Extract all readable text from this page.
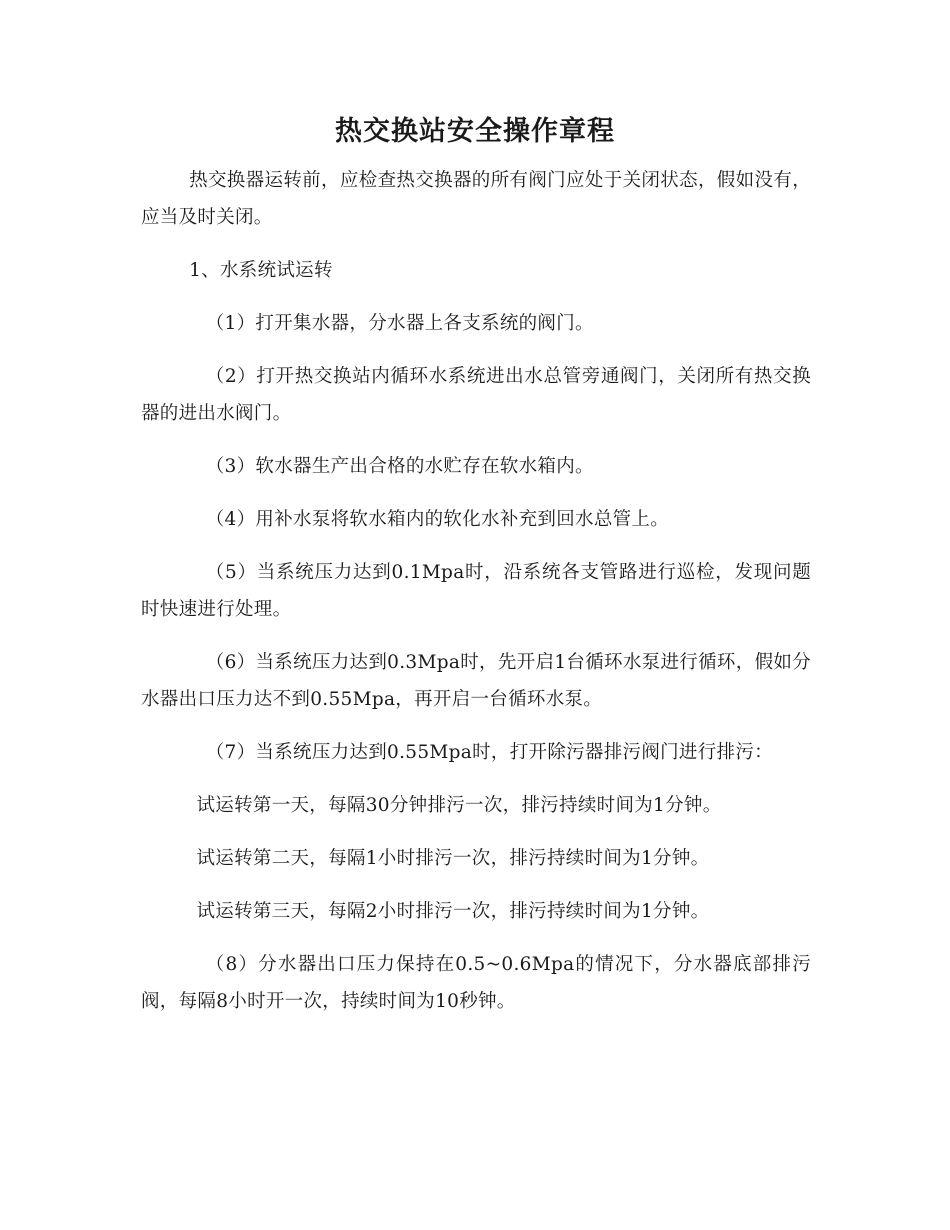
热交换站安全操作章程

热交换器运转前，应检查热交换器的所有阀门应处于关闭状态，假如没有，应当及时关闭。

1、水系统试运转

（1）打开集水器，分水器上各支系统的阀门。

（2）打开热交换站内循环水系统进出水总管旁通阀门，关闭所有热交换器的进出水阀门。

（3）软水器生产出合格的水贮存在软水箱内。

（4）用补水泵将软水箱内的软化水补充到回水总管上。

（5）当系统压力达到0.1Mpa时，沿系统各支管路进行巡检，发现问题时快速进行处理。

（6）当系统压力达到0.3Mpa时，先开启1台循环水泵进行循环，假如分水器出口压力达不到0.55Mpa，再开启一台循环水泵。

（7）当系统压力达到0.55Mpa时，打开除污器排污阀门进行排污：

试运转第一天，每隔30分钟排污一次，排污持续时间为1分钟。

试运转第二天，每隔1小时排污一次，排污持续时间为1分钟。

试运转第三天，每隔2小时排污一次，排污持续时间为1分钟。

（8）分水器出口压力保持在0.5~0.6Mpa的情况下，分水器底部排污阀，每隔8小时开一次，持续时间为10秒钟。
